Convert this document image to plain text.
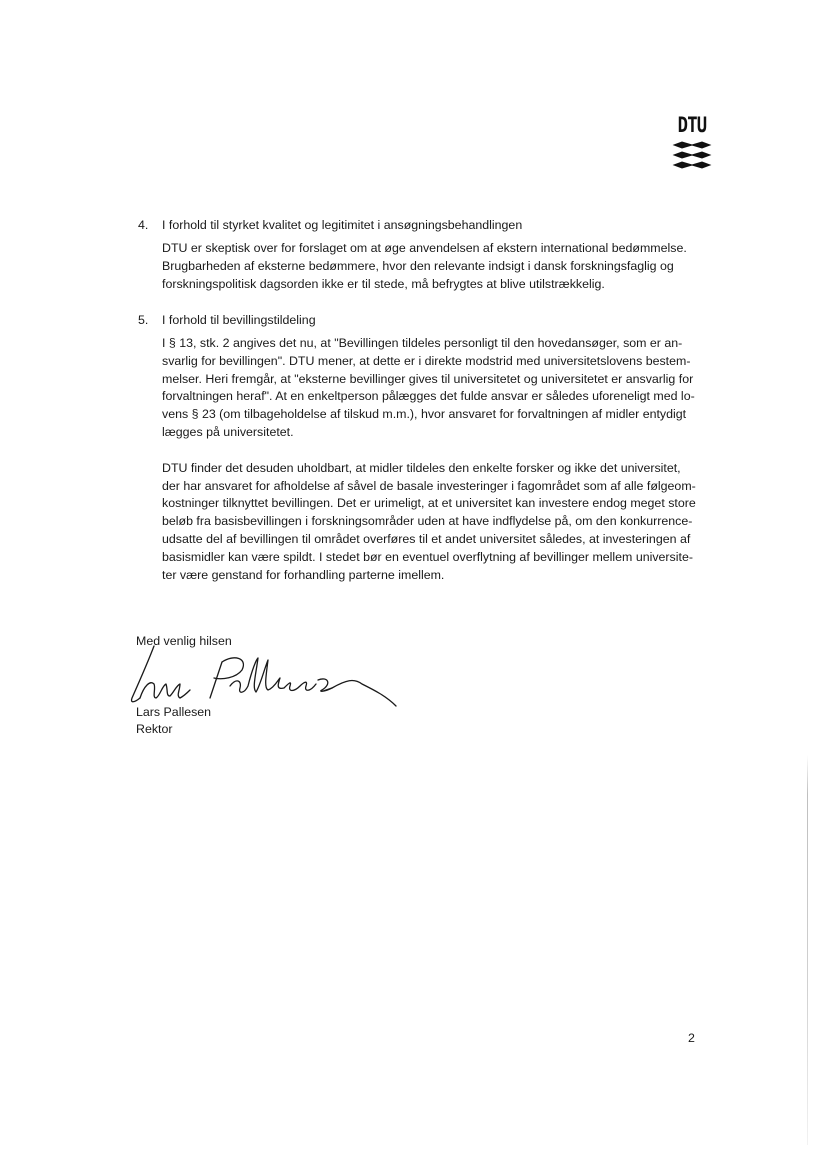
DTU
4. I forhold til styrket kvalitet og legitimitet i ansøgningsbehandlingen
DTU er skeptisk over for forslaget om at øge anvendelsen af ekstern international bedømmelse.
Brugbarheden af eksterne bedømmere, hvor den relevante indsigt i dansk forskningsfaglig og
forskningspolitisk dagsorden ikke er til stede, må befrygtes at blive utilstrækkelig.
5. I forhold til bevillingstildeling
I § 13, stk. 2 angives det nu, at "Bevillingen tildeles personligt til den hovedansøger, som er an-
svarlig for bevillingen". DTU mener, at dette er i direkte modstrid med universitetslovens bestem-
melser. Heri fremgår, at "eksterne bevillinger gives til universitetet og universitetet er ansvarlig for
forvaltningen heraf". At en enkeltperson pålægges det fulde ansvar er således uforeneligt med lo-
vens § 23 (om tilbageholdelse af tilskud m.m.), hvor ansvaret for forvaltningen af midler entydigt
lægges på universitetet.
DTU finder det desuden uholdbart, at midler tildeles den enkelte forsker og ikke det universitet,
der har ansvaret for afholdelse af såvel de basale investeringer i fagområdet som af alle følgeom-
kostninger tilknyttet bevillingen. Det er urimeligt, at et universitet kan investere endog meget store
beløb fra basisbevillingen i forskningsområder uden at have indflydelse på, om den konkurrence-
udsatte del af bevillingen til området overføres til et andet universitet således, at investeringen af
basismidler kan være spildt. I stedet bør en eventuel overflytning af bevillinger mellem universite-
ter være genstand for forhandling parterne imellem.
Med venlig hilsen
Lars Pallesen
Rektor
2
